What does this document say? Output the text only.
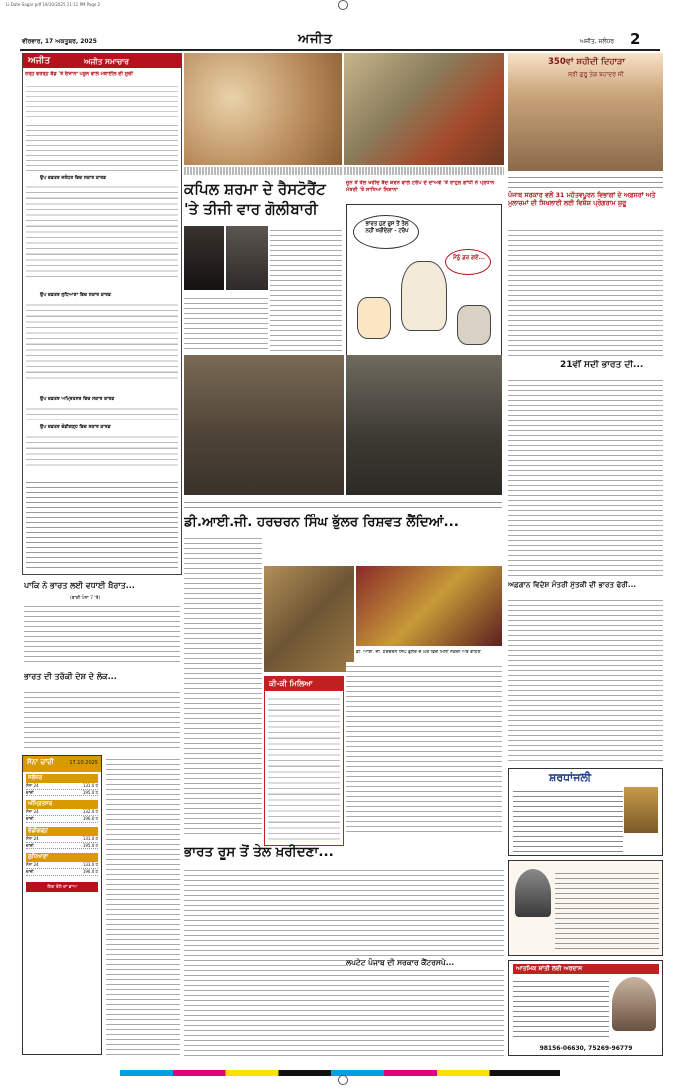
Li-Date-Sagar pdf 19/10/2025 11:11 PM Page 2
ਵੀਰਵਾਰ, 17 ਅਕਤੂਬਰ, 2025	ਅਜੀਤ	ਅਜੀਤ, ਜਲੰਧਰ 2
ਅਜੀਤ	ਅਜੀਤ ਸਮਾਚਾਰ
ਰਤ੍ਹ ਵਰਤ੍ਹ ਬੰਡ 'ਤੇ ਓਜਾਨਾ ਪਸ਼ੂਨ ਵਾਲੇ ਮੋਬਾਈਲ ਦੀ ਸੂਚੀ
ਉਪ ਦਫ਼ਤਰ ਜਲੰਧਰ ਵਿਚ ਸਕਾਰ ਕਾਰਡ
ਉਪ ਦਫ਼ਤਰ ਲੁਧਿਆਣਾ ਵਿਚ ਸਕਾਰ ਕਾਰਡ
ਉਪ ਦਫ਼ਤਰ ਅਮ੍ਰਿਤਸਰ ਵਿਚ ਸਕਾਰ ਕਾਰਡ
ਉਪ ਦਫ਼ਤਰ ਚੰਡੀਗੜ੍ਹ ਵਿਚ ਸਕਾਰ ਕਾਰਡ
ਪਾਕਿ ਨੇ ਭਾਰਤ ਲਈ ਵਧਾਈ ਖ਼ੈਰਾਤ...
(ਬਾਕੀ ਪੰਨਾ 7 'ਤੇ)
ਭਾਰਤ ਦੀ ਤਰੱਕੀ ਦੇਸ਼ ਦੇ ਲੋਕ...
ਸੋਨਾ ਚਾਂਦੀ	17.10.2025
ਜਲੰਧਰ
ਸੋਨਾ 24	131.0 ਹ
ਚਾਂਦੀ	195.0 ਹ
ਅੰਮ੍ਰਿਤਸਰ
ਸੋਨਾ 24	132.0 ਹ
ਚਾਂਦੀ	196.0 ਹ
ਚੰਡੀਗੜ੍ਹ
ਸੋਨਾ 24	131.0 ਹ
ਚਾਂਦੀ	195.0 ਹ
ਲੁਧਿਆਣਾ
ਸੋਨਾ 24	133.0 ਹ
ਚਾਂਦੀ	196.0 ਹ
ਇਕ ਤੋਲੇ ਦਾ ਭਾਅ
ਕਪਿਲ ਸ਼ਰਮਾ ਦੇ ਰੈਸਟੋਰੈਂਟ
'ਤੇ ਤੀਜੀ ਵਾਰ ਗੋਲੀਬਾਰੀ
ਜੂਨ ਤੋਂ ਤੇਲ ਖਰੀਦ ਬੰਦ ਕਰਨ ਵਾਲੇ ਟਰੰਪ ਦੇ ਦਾਅਵੇ 'ਤੇ ਰਾਹੁਲ ਗਾਂਧੀ ਨੇ ਪ੍ਰਧਾਨ ਮੰਤਰੀ 'ਤੇ ਸਾਧਿਆ ਨਿਸ਼ਾਨਾ
ਭਾਰਤ ਹੁਣ ਰੂਸ ਤੋਂ ਤੇਲ ਨਹੀਂ ਖਰੀਦੇਗਾ - ਟਰੰਪ
ਮੈਂਨੂੰ ਡਰ ਗਏ...
350ਵਾਂ ਸ਼ਹੀਦੀ ਦਿਹਾੜਾ
ਸ੍ਰੀ ਗੁਰੂ ਤੇਗ ਬਹਾਦਰ ਜੀ
ਪੰਜਾਬ ਸਰਕਾਰ ਵਲੋਂ 31 ਮਹੱਤਵਪੂਰਨ ਵਿਭਾਗਾਂ ਦੇ ਅਫ਼ਸਰਾਂ ਅਤੇ ਮੁਲਾਜ਼ਮਾਂ ਦੀ ਸਿਖਲਾਈ ਲਈ ਵਿਸ਼ੇਸ਼ ਪ੍ਰੋਗਰਾਮ ਸ਼ੁਰੂ
ਡੀ.ਆਈ.ਜੀ. ਹਰਚਰਨ ਸਿੰਘ ਭੁੱਲਰ ਰਿਸ਼ਵਤ ਲੈਂਦਿਆਂ...
21ਵੀਂ ਸਦੀ ਭਾਰਤ ਦੀ...
ਡੀ. ਆਈ. ਜੀ. ਹਰਚਰਨ ਸਿੰਘ ਭੁੱਲਰ ਦੇ ਘਰ ਵਿਚੋਂ ਮਿਲੀ ਨਕਦੀ ਅਤੇ ਗਹਿਣੇ
ਕੀ-ਕੀ ਮਿਲਿਆ
ਅਫ਼ਗਾਨ ਵਿਦੇਸ਼ ਮੰਤਰੀ ਮੁੱਤਕੀ ਦੀ ਭਾਰਤ ਫੇਰੀ...
ਭਾਰਤ ਰੂਸ ਤੋਂ ਤੇਲ ਖ਼ਰੀਦਣਾ...
ਲਪਟੇਟ ਪੰਜਾਬ ਦੀ ਸਰਕਾਰ ਕੈਂਟਰਸਪੇ...
ਸ਼ਰਧਾਂਜਲੀ
ਆਤਮਿਕ ਸ਼ਾਂਤੀ ਲਈ ਅਰਦਾਸ
98156-06630, 75269-96779
